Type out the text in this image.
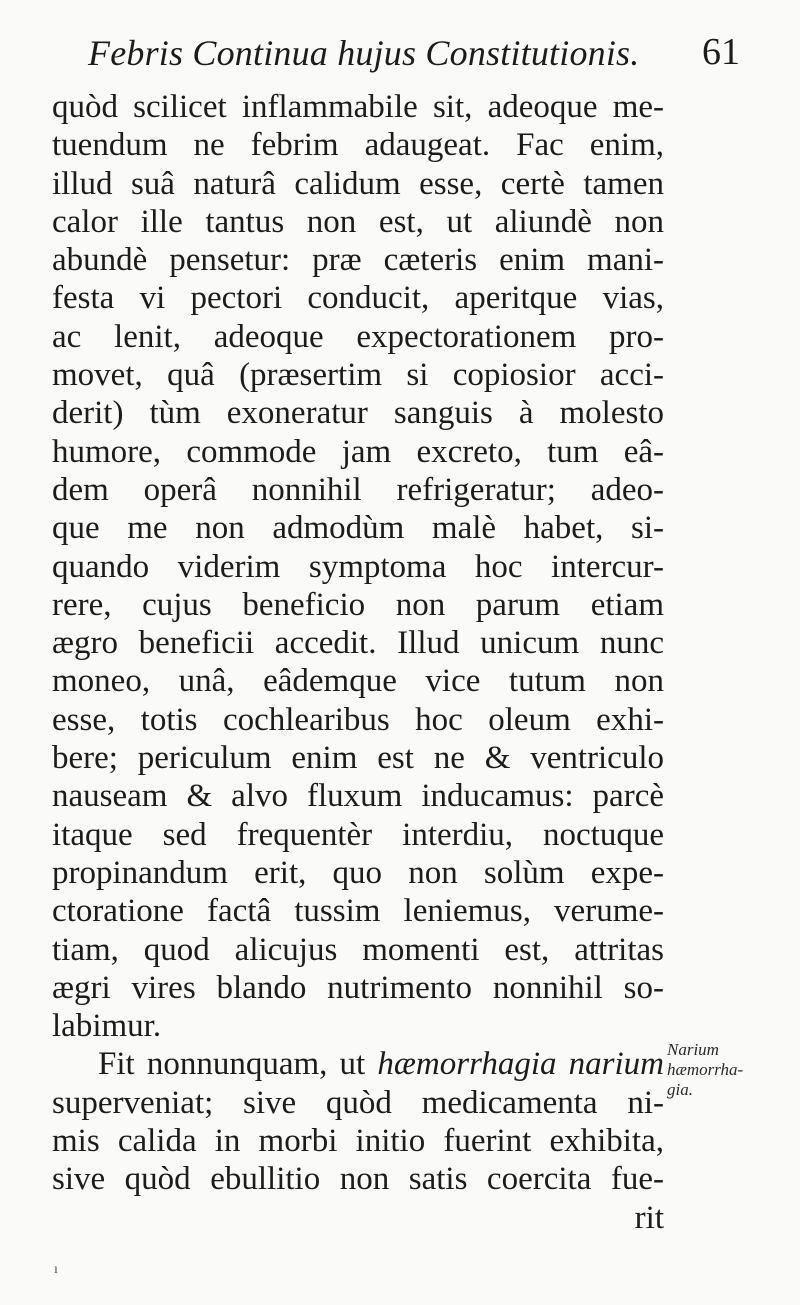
Febris Continua hujus Constitutionis. 61
quòd scilicet inflammabile sit, adeoque me-
tuendum ne febrim adaugeat. Fac enim,
illud suâ naturâ calidum esse, certè tamen
calor ille tantus non est, ut aliundè non
abundè pensetur: præ cæteris enim mani-
festa vi pectori conducit, aperitque vias,
ac lenit, adeoque expectorationem pro-
movet, quâ (præsertim si copiosior acci-
derit) tùm exoneratur sanguis à molesto
humore, commode jam excreto, tum eâ-
dem operâ nonnihil refrigeratur; adeo-
que me non admodùm malè habet, si-
quando viderim symptoma hoc intercur-
rere, cujus beneficio non parum etiam
ægro beneficii accedit. Illud unicum nunc
moneo, unâ, eâdemque vice tutum non
esse, totis cochlearibus hoc oleum exhi-
bere; periculum enim est ne & ventriculo
nauseam & alvo fluxum inducamus: parcè
itaque sed frequentèr interdiu, noctuque
propinandum erit, quo non solùm expe-
ctoratione factâ tussim leniemus, verume-
tiam, quod alicujus momenti est, attritas
ægri vires blando nutrimento nonnihil so-
labimur.
Fit nonnunquam, ut hæmorrhagia narium
superveniat; sive quòd medicamenta ni-
mis calida in morbi initio fuerint exhibita,
sive quòd ebullitio non satis coercita fue-
rit
Narium
hæmorrha-
gia.
ı
